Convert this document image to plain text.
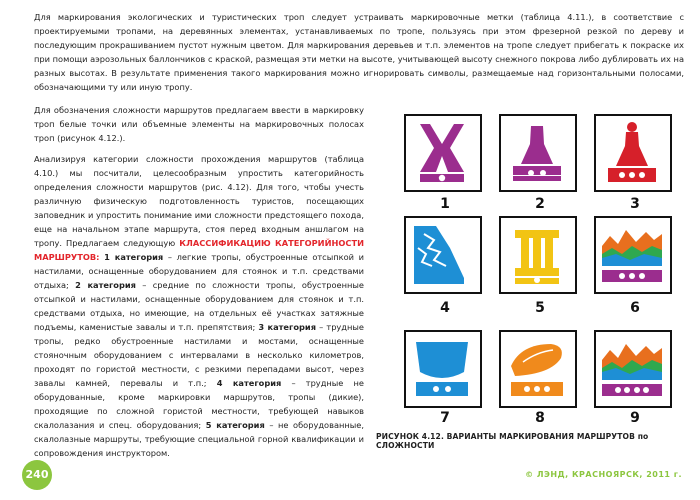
Для маркирования экологических и туристических троп следует устраивать маркировочные метки (таблица 4.11.), в соответствие с проектируемыми тропами, на деревянных элементах, устанавливаемых по тропе, пользуясь при этом фрезерной резкой по дереву и последующим прокрашиванием пустот нужным цветом. Для маркирования деревьев и т.п. элементов на тропе следует прибегать к покраске их при помощи аэрозольных баллончиков с краской, размещая эти метки на высоте, учитывающей высоту снежного покрова либо дублировать их на разных высотах. В результате применения такого маркирования можно игнорировать символы, размещаемые над горизонтальными полосами, обозначающими ту или иную тропу.

Для обозначения сложности маршрутов предлагаем ввести в маркировку троп белые точки или объемные элементы на маркировочных полосах троп (рисунок 4.12.).

Анализируя категории сложности прохождения маршрутов (таблица 4.10.) мы посчитали, целесообразным упростить категорийность определения сложности маршрутов (рис. 4.12). Для того, чтобы учесть различную физическую подготовленность туристов, посещающих заповедник и упростить понимание ими сложности предстоящего похода, еще на начальном этапе маршрута, стоя перед входным аншлагом на тропу. Предлагаем следующую КЛАССИФИКАЦИЮ КАТЕГОРИЙНОСТИ МАРШРУТОВ: 1 категория – легкие тропы, обустроенные отсыпкой и настилами, оснащенные оборудованием для стоянок и т.п. средствами отдыха; 2 категория – средние по сложности тропы, обустроенные отсыпкой и настилами, оснащенные оборудованием для стоянок и т.п. средствами отдыха, но имеющие, на отдельных её участках затяжные подъемы, каменистые завалы и т.п. препятствия; 3 категория – трудные тропы, редко обустроенные настилами и мостами, оснащенные стояночным оборудованием с интервалами в несколько километров, проходят по гористой местности, с резкими перепадами высот, через завалы камней, перевалы и т.п.; 4 категория – трудные не оборудованные, кроме маркировки маршрутов, тропы (дикие), проходящие по сложной гористой местности, требующей навыков скалолазания и спец. оборудования; 5 категория – не оборудованные, скалолазные маршруты, требующие специальной горной квалификации и сопровождения инструктором.

1	2	3
4	5	6
7	8	9
РИСУНОК 4.12. ВАРИАНТЫ МАРКИРОВАНИЯ МАРШРУТОВ по СЛОЖНОСТИ
240	© ЛЭНД, КРАСНОЯРСК, 2011 г.
